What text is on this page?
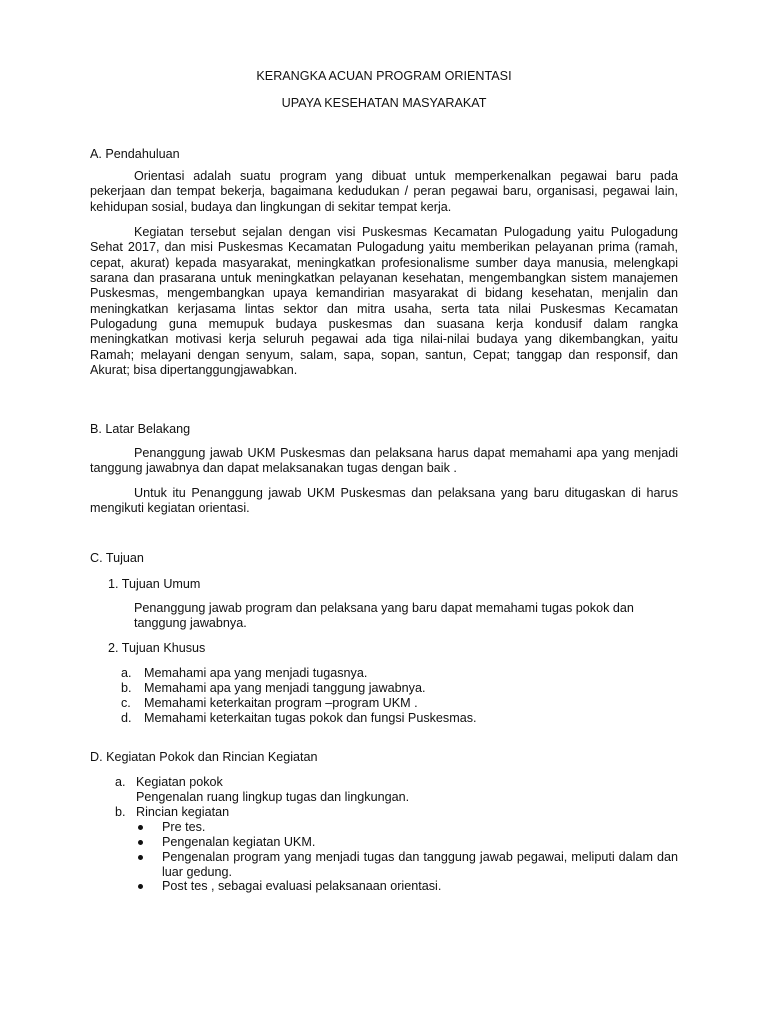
KERANGKA ACUAN PROGRAM ORIENTASI

UPAYA KESEHATAN MASYARAKAT

A. Pendahuluan

Orientasi adalah suatu program yang dibuat untuk memperkenalkan pegawai baru pada pekerjaan dan tempat bekerja, bagaimana kedudukan / peran pegawai baru, organisasi, pegawai lain, kehidupan sosial, budaya dan lingkungan di sekitar tempat kerja.

Kegiatan tersebut sejalan dengan visi Puskesmas Kecamatan Pulogadung yaitu Pulogadung Sehat 2017, dan misi Puskesmas Kecamatan Pulogadung yaitu memberikan pelayanan prima (ramah, cepat, akurat) kepada masyarakat, meningkatkan profesionalisme sumber daya manusia, melengkapi sarana dan prasarana untuk meningkatkan pelayanan kesehatan, mengembangkan sistem manajemen Puskesmas, mengembangkan upaya kemandirian masyarakat di bidang kesehatan, menjalin dan meningkatkan kerjasama lintas sektor dan mitra usaha, serta tata nilai Puskesmas Kecamatan Pulogadung guna memupuk budaya puskesmas dan suasana kerja kondusif dalam rangka meningkatkan motivasi kerja seluruh pegawai ada tiga nilai-nilai budaya yang dikembangkan, yaitu Ramah; melayani dengan senyum, salam, sapa, sopan, santun, Cepat; tanggap dan responsif, dan Akurat; bisa dipertanggungjawabkan.

B. Latar Belakang

Penanggung jawab UKM Puskesmas dan pelaksana harus dapat memahami apa yang menjadi tanggung jawabnya dan dapat melaksanakan tugas dengan baik .

Untuk itu Penanggung jawab UKM Puskesmas dan pelaksana yang baru ditugaskan di harus mengikuti kegiatan orientasi.

C. Tujuan

1. Tujuan Umum

Penanggung jawab program dan pelaksana yang baru dapat memahami tugas pokok dan tanggung jawabnya.

2. Tujuan Khusus

a. Memahami apa yang menjadi tugasnya.

b. Memahami apa yang menjadi tanggung jawabnya.

c. Memahami keterkaitan program –program UKM .

d. Memahami keterkaitan tugas pokok dan fungsi Puskesmas.

D. Kegiatan Pokok dan Rincian Kegiatan

a. Kegiatan pokok

Pengenalan ruang lingkup tugas dan lingkungan.

b. Rincian kegiatan

Pre tes.

Pengenalan kegiatan UKM.

Pengenalan program yang menjadi tugas dan tanggung jawab pegawai, meliputi dalam dan luar gedung.

Post tes , sebagai evaluasi pelaksanaan orientasi.
